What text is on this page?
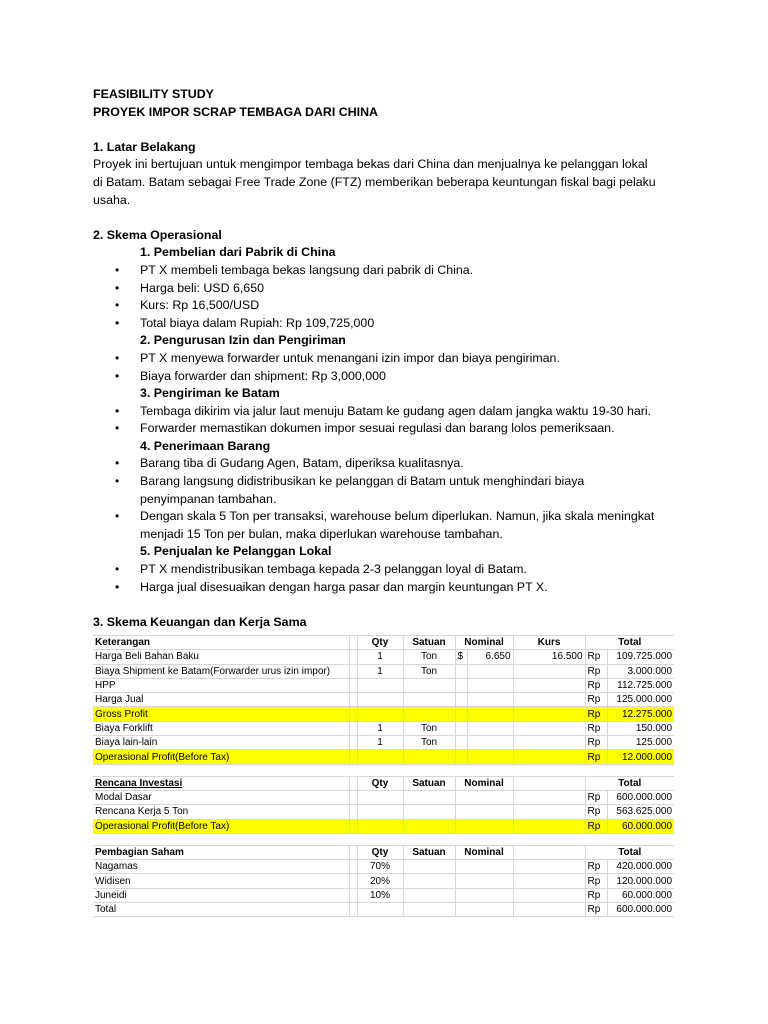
FEASIBILITY STUDY

PROYEK IMPOR SCRAP TEMBAGA DARI CHINA

1. Latar Belakang

Proyek ini bertujuan untuk mengimpor tembaga bekas dari China dan menjualnya ke pelanggan lokal

di Batam. Batam sebagai Free Trade Zone (FTZ) memberikan beberapa keuntungan fiskal bagi pelaku

usaha.

2. Skema Operasional

1. Pembelian dari Pabrik di China

• PT X membeli tembaga bekas langsung dari pabrik di China.
• Harga beli: USD 6,650
• Kurs: Rp 16,500/USD
• Total biaya dalam Rupiah: Rp 109,725,000

2. Pengurusan Izin dan Pengiriman

• PT X menyewa forwarder untuk menangani izin impor dan biaya pengiriman.
• Biaya forwarder dan shipment: Rp 3,000,000

3. Pengiriman ke Batam

• Tembaga dikirim via jalur laut menuju Batam ke gudang agen dalam jangka waktu 19-30 hari.
• Forwarder memastikan dokumen impor sesuai regulasi dan barang lolos pemeriksaan.

4. Penerimaan Barang

• Barang tiba di Gudang Agen, Batam, diperiksa kualitasnya.
• Barang langsung didistribusikan ke pelanggan di Batam untuk menghindari biaya
penyimpanan tambahan.
• Dengan skala 5 Ton per transaksi, warehouse belum diperlukan. Namun, jika skala meningkat
menjadi 15 Ton per bulan, maka diperlukan warehouse tambahan.

5. Penjualan ke Pelanggan Lokal

• PT X mendistribusikan tembaga kepada 2-3 pelanggan loyal di Batam.
• Harga jual disesuaikan dengan harga pasar dan margin keuntungan PT X.

3. Skema Keuangan dan Kerja Sama

Keterangan		Qty	Satuan	Nominal		Kurs	Total	
Harga Beli Bahan Baku		1	Ton	$	6.650	16.500	Rp	109.725.000
Biaya Shipment ke Batam(Forwarder urus izin impor)		1	Ton				Rp	3.000.000
HPP							Rp	112.725.000
Harga Jual							Rp	125.000.000
Gross Profit							Rp	12.275.000
Biaya Forklift		1	Ton				Rp	150.000
Biaya lain-lain		1	Ton				Rp	125.000
Operasional Profit(Before Tax)							Rp	12.000.000
Rencana Investasi		Qty	Satuan	Nominal		Total	
Modal Dasar						Rp	600.000.000
Rencana Kerja 5 Ton						Rp	563.625.000
Operasional Profit(Before Tax)						Rp	60.000.000
Pembagian Saham		Qty	Satuan	Nominal		Total	
Nagamas		70%				Rp	420.000.000
Widisen		20%				Rp	120.000.000
Juneidi		10%				Rp	60.000.000
Total						Rp	600.000.000
